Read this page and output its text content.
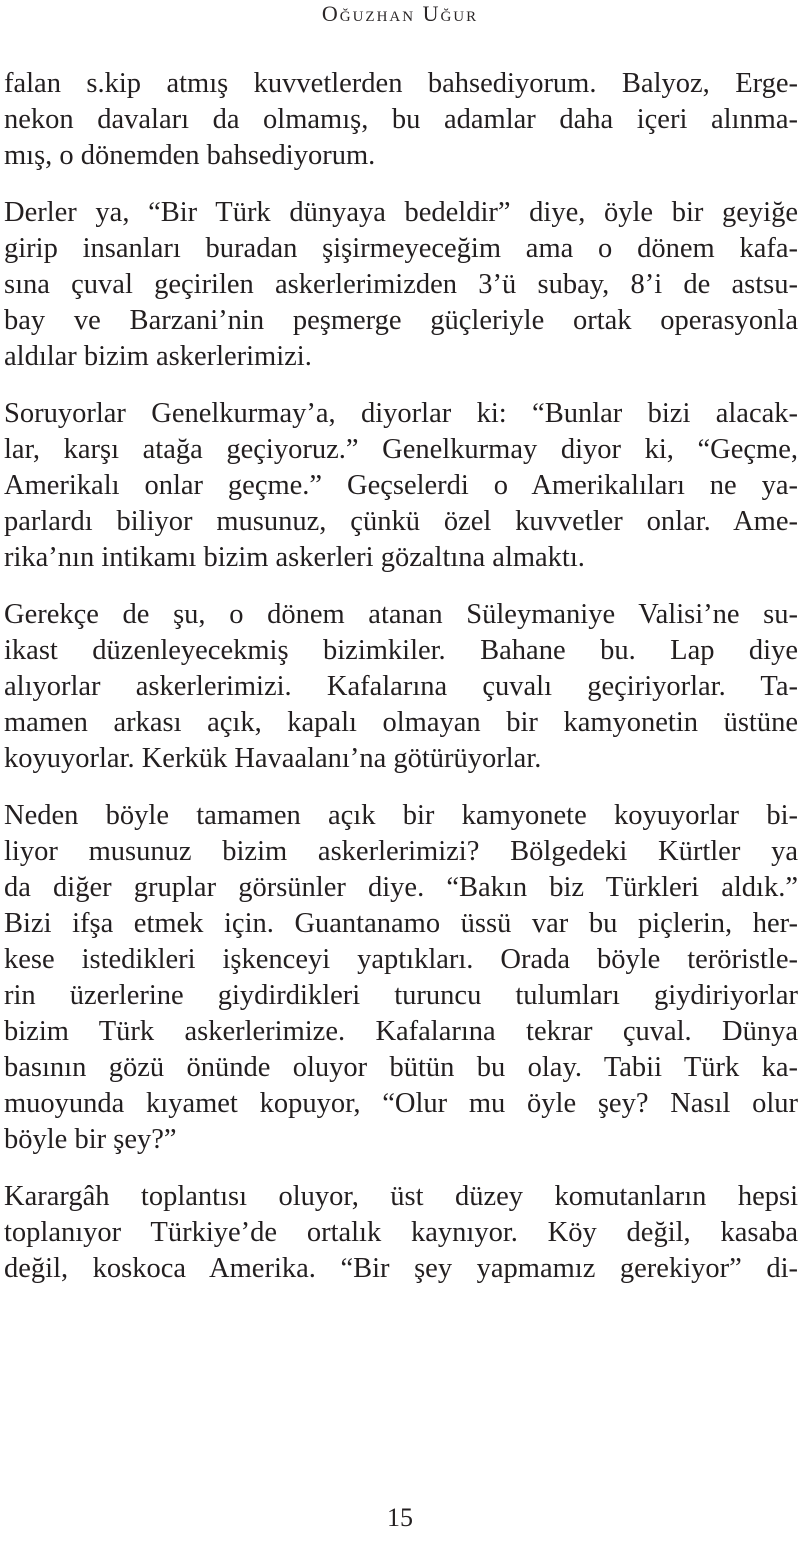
Oğuzhan Uğur

falan s.kip atmış kuvvetlerden bahsediyorum. Balyoz, Erge-
nekon davaları da olmamış, bu adamlar daha içeri alınma-
mış, o dönemden bahsediyorum.

Derler ya, “Bir Türk dünyaya bedeldir” diye, öyle bir geyiğe
girip insanları buradan şişirmeyeceğim ama o dönem kafa-
sına çuval geçirilen askerlerimizden 3’ü subay, 8’i de astsu-
bay ve Barzani’nin peşmerge güçleriyle ortak operasyonla
aldılar bizim askerlerimizi.

Soruyorlar Genelkurmay’a, diyorlar ki: “Bunlar bizi alacak-
lar, karşı atağa geçiyoruz.” Genelkurmay diyor ki, “Geçme,
Amerikalı onlar geçme.” Geçselerdi o Amerikalıları ne ya-
parlardı biliyor musunuz, çünkü özel kuvvetler onlar. Ame-
rika’nın intikamı bizim askerleri gözaltına almaktı.

Gerekçe de şu, o dönem atanan Süleymaniye Valisi’ne su-
ikast düzenleyecekmiş bizimkiler. Bahane bu. Lap diye
alıyorlar askerlerimizi. Kafalarına çuvalı geçiriyorlar. Ta-
mamen arkası açık, kapalı olmayan bir kamyonetin üstüne
koyuyorlar. Kerkük Havaalanı’na götürüyorlar.

Neden böyle tamamen açık bir kamyonete koyuyorlar bi-
liyor musunuz bizim askerlerimizi? Bölgedeki Kürtler ya
da diğer gruplar görsünler diye. “Bakın biz Türkleri aldık.”
Bizi ifşa etmek için. Guantanamo üssü var bu piçlerin, her-
kese istedikleri işkenceyi yaptıkları. Orada böyle teröristle-
rin üzerlerine giydirdikleri turuncu tulumları giydiriyorlar
bizim Türk askerlerimize. Kafalarına tekrar çuval. Dünya
basının gözü önünde oluyor bütün bu olay. Tabii Türk ka-
muoyunda kıyamet kopuyor, “Olur mu öyle şey? Nasıl olur
böyle bir şey?”

Karargâh toplantısı oluyor, üst düzey komutanların hepsi
toplanıyor Türkiye’de ortalık kaynıyor. Köy değil, kasaba
değil, koskoca Amerika. “Bir şey yapmamız gerekiyor” di-

15
